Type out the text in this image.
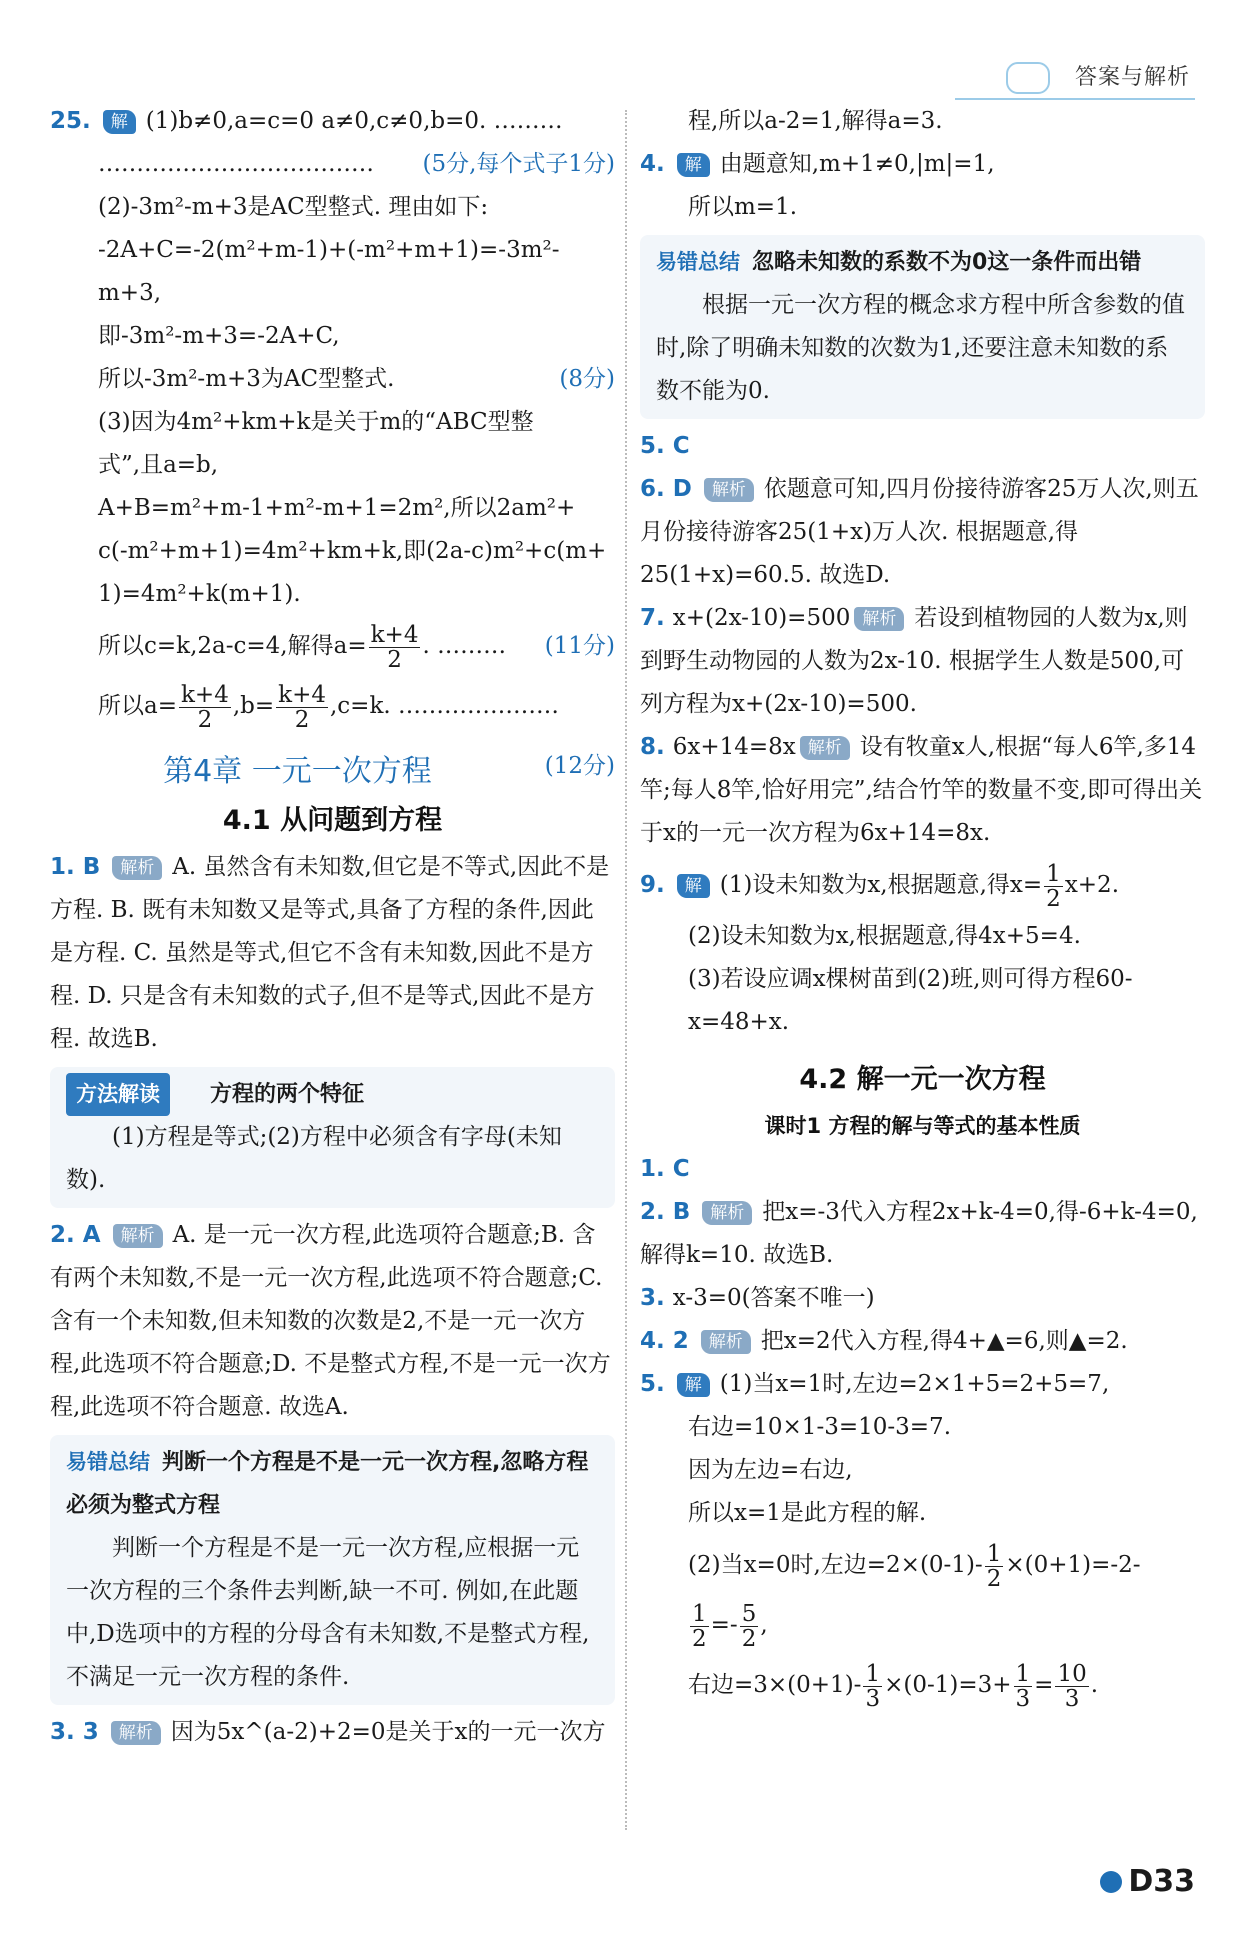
答案与解析

25. 解 (1)b≠0,a=c=0 a≠0,c≠0,b=0. ………

……………………………… (5分,每个式子1分)

(2)-3m²-m+3是AC型整式. 理由如下:

-2A+C=-2(m²+m-1)+(-m²+m+1)=-3m²-

m+3,

即-3m²-m+3=-2A+C,

所以-3m²-m+3为AC型整式.	(8分)

(3)因为4m²+km+k是关于m的“ABC型整

式”,且a=b,

A+B=m²+m-1+m²-m+1=2m²,所以2am²+

c(-m²+m+1)=4m²+km+k,即(2a-c)m²+c(m+

1)=4m²+k(m+1).

所以c=k,2a-c=4,解得$a= \frac{k+4}{2}$ . ……… (11分)

所以$a= \frac{k+4}{2} ,b= \frac{k+4}{2} ,c=k$. …………………
(12分)

第4章 一元一次方程
4.1 从问题到方程

1. B 解析 A. 虽然含有未知数,但它是不等式,因此不是方程. B. 既有未知数又是等式,具备了方程的条件,因此是方程. C. 虽然是等式,但它不含有未知数,因此不是方程. D. 只是含有未知数的式子,但不是等式,因此不是方程. 故选B.

方法解读 方程的两个特征
(1)方程是等式;(2)方程中必须含有字母(未知数).

2. A 解析 A. 是一元一次方程,此选项符合题意;B. 含有两个未知数,不是一元一次方程,此选项不符合题意;C. 含有一个未知数,但未知数的次数是2,不是一元一次方程,此选项不符合题意;D. 不是整式方程,不是一元一次方程,此选项不符合题意. 故选A.

易错总结 判断一个方程是不是一元一次方程,忽略方程必须为整式方程
判断一个方程是不是一元一次方程,应根据一元一次方程的三个条件去判断,缺一不可. 例如,在此题中,D选项中的方程的分母含有未知数,不是整式方程,不满足一元一次方程的条件.

3. 3 解析 因为5x^(a-2)+2=0是关于x的一元一次方

程,所以a-2=1,解得a=3.

4. 解 由题意知,m+1≠0,|m|=1,

所以m=1.

易错总结 忽略未知数的系数不为0这一条件而出错
根据一元一次方程的概念求方程中所含参数的值时,除了明确未知数的次数为1,还要注意未知数的系数不能为0.

5. C

6. D 解析 依题意可知,四月份接待游客25万人次,则五月份接待游客25(1+x)万人次. 根据题意,得25(1+x)=60.5. 故选D.

7. x+(2x-10)=500 解析 若设到植物园的人数为x,则到野生动物园的人数为2x-10. 根据学生人数是500,可列方程为x+(2x-10)=500.

8. 6x+14=8x 解析 设有牧童x人,根据“每人6竿,多14竿;每人8竿,恰好用完”,结合竹竿的数量不变,即可得出关于x的一元一次方程为6x+14=8x.

9. 解 (1)设未知数为x,根据题意,得$x= \frac{1}{2} x+2$.

(2)设未知数为x,根据题意,得4x+5=4.

(3)若设应调x棵树苗到(2)班,则可得方程60-x=48+x.

4.2 解一元一次方程
课时1 方程的解与等式的基本性质

1. C

2. B 解析 把x=-3代入方程2x+k-4=0,得-6+k-4=0,解得k=10. 故选B.

3. x-3=0(答案不唯一)

4. 2 解析 把x=2代入方程,得4+▲=6,则▲=2.

5. 解 (1)当x=1时,左边=2×1+5=2+5=7,

右边=10×1-3=10-3=7.

因为左边=右边,

所以x=1是此方程的解.

(2)当x=0时,左边$=2\times(0-1)- \frac{1}{2} \times(0+1)=-2-$

$\frac{1}{2} =- \frac{5}{2}$ ,

右边$=3\times(0+1)- \frac{1}{3} \times(0-1)=3+ \frac{1}{3} = \frac{10}{3}$ .

D33
